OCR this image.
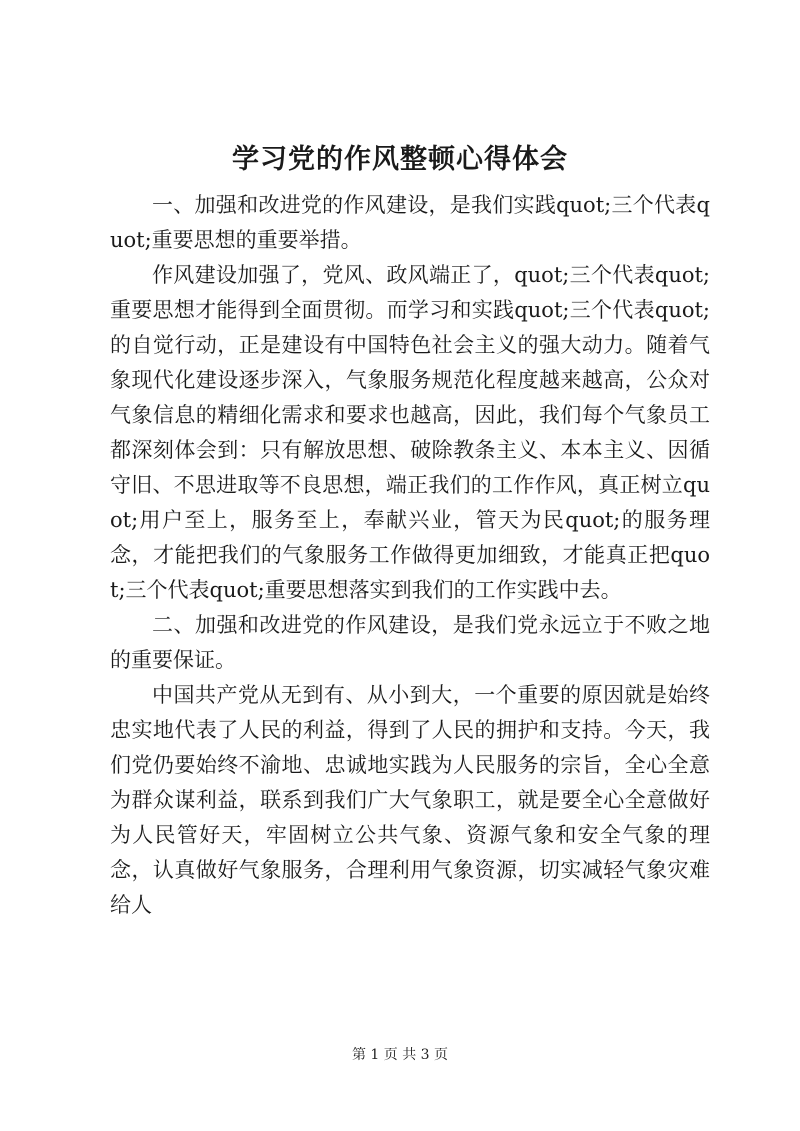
学习党的作风整顿心得体会

一、加强和改进党的作风建设，是我们实践quot;三个代表quot;重要思想的重要举措。

作风建设加强了，党风、政风端正了，quot;三个代表quot;重要思想才能得到全面贯彻。而学习和实践quot;三个代表quot;的自觉行动，正是建设有中国特色社会主义的强大动力。随着气象现代化建设逐步深入，气象服务规范化程度越来越高，公众对气象信息的精细化需求和要求也越高，因此，我们每个气象员工都深刻体会到：只有解放思想、破除教条主义、本本主义、因循守旧、不思进取等不良思想，端正我们的工作作风，真正树立quot;用户至上，服务至上，奉献兴业，管天为民quot;的服务理念，才能把我们的气象服务工作做得更加细致，才能真正把quot;三个代表quot;重要思想落实到我们的工作实践中去。

二、加强和改进党的作风建设，是我们党永远立于不败之地的重要保证。

中国共产党从无到有、从小到大，一个重要的原因就是始终忠实地代表了人民的利益，得到了人民的拥护和支持。今天，我们党仍要始终不渝地、忠诚地实践为人民服务的宗旨，全心全意为群众谋利益，联系到我们广大气象职工，就是要全心全意做好为人民管好天，牢固树立公共气象、资源气象和安全气象的理念，认真做好气象服务，合理利用气象资源，切实减轻气象灾难给人

第 1 页 共 3 页
